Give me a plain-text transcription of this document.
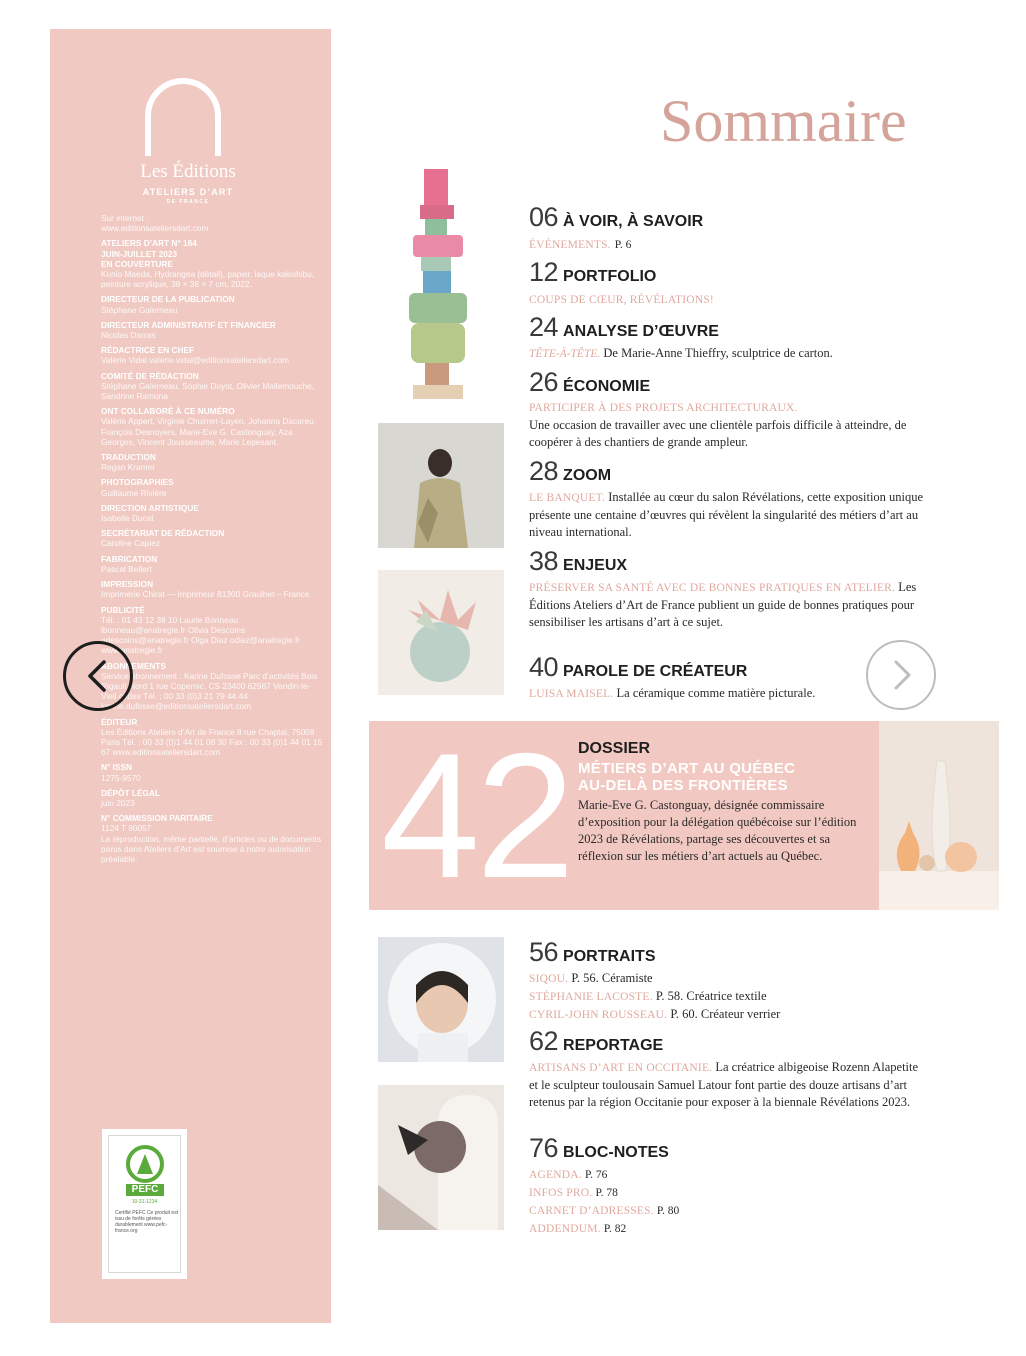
Les Éditions
ATELIERS D’ART
DE FRANCE
Sur internet :
www.editionsateliersdart.com
ATELIERS D’ART N° 164
JUIN-JUILLET 2023
EN COUVERTURE
Kunio Maeda, Hydrangea (détail), papier, laque kakishibu, peinture acrylique, 38 × 38 × 7 cm, 2022.
DIRECTEUR DE LA PUBLICATION
Stéphane Galerneau
DIRECTEUR ADMINISTRATIF ET FINANCIER
Nicolas Darras
RÉDACTRICE EN CHEF
Valérie Vidal valerie.vidal@editionsateliersdart.com
COMITÉ DE RÉDACTION
Stéphane Galerneau, Sophie Duyot, Olivier Mallemouche, Sandrine Ramona
ONT COLLABORÉ À CE NUMÉRO
Valérie Appert, Virginie Chuimer-Layen, Johanna Dacoreu, François Desnoyers, Marie-Eve G. Castonguay, Aza Georges, Vincent Jousseaume, Marie Lepesant.
TRADUCTION
Regan Kramer
PHOTOGRAPHIES
Guillaume Rivière
DIRECTION ARTISTIQUE
Isabelle Ducat
SECRÉTARIAT DE RÉDACTION
Caroline Capiez
FABRICATION
Pascal Bellert
IMPRESSION
Imprimerie Chirat — Imprimeur 81300 Graulhet – France
PUBLICITÉ
Tél. : 01 43 12 38 10 Laurie Bonneau lbonneau@anatregie.fr Olivia Descoins odescoins@anatregie.fr Olga Diaz odiaz@anatregie.fr www.anatregie.fr
ABONNEMENTS
Service abonnement : Karine Dufosse Parc d’activités Bois Rigault Nord 1 rue Copernic, CS 23400 62967 Vendin-le-Vieil cedex Tél. : 00 33 (0)3 21 79 44 44 karine.dufosse@editionsateliersdart.com
ÉDITEUR
Les Éditions Ateliers d’Art de France 8 rue Chaptal, 75009 Paris Tél. : 00 33 (0)1 44 01 08 30 Fax : 00 33 (0)1 44 01 15 67 www.editionsateliersdart.com
N° ISSN
1275-9570
DÉPÔT LÉGAL
juin 2023
N° COMMISSION PARITAIRE
1124 T 90057
La reproduction, même partielle, d’articles ou de documents parus dans Ateliers d’Art est soumise à notre autorisation préalable.
PEFC
10-31-1234
Certifié PEFC Ce produit est issu de forêts gérées durablement www.pefc-france.org
Sommaire
06 À VOIR, À SAVOIR
ÉVÉNEMENTS. P. 6
12 PORTFOLIO
COUPS DE CŒUR, RÉVÉLATIONS!
24 ANALYSE D’ŒUVRE
TÊTE-À-TÊTE. De Marie-Anne Thieffry, sculptrice de carton.
26 ÉCONOMIE
PARTICIPER À DES PROJETS ARCHITECTURAUX.
Une occasion de travailler avec une clientèle parfois difficile à atteindre, de coopérer à des chantiers de grande ampleur.
28 ZOOM
LE BANQUET. Installée au cœur du salon Révélations, cette exposition unique présente une centaine d’œuvres qui révèlent la singularité des métiers d’art au niveau international.
38 ENJEUX
PRÉSERVER SA SANTÉ AVEC DE BONNES PRATIQUES EN ATELIER. Les Éditions Ateliers d’Art de France publient un guide de bonnes pratiques pour sensibiliser les artisans d’art à ce sujet.
40 PAROLE DE CRÉATEUR
LUISA MAISEL. La céramique comme matière picturale.
42 DOSSIER
MÉTIERS D’ART AU QUÉBEC
AU-DELÀ DES FRONTIÈRES
Marie-Eve G. Castonguay, désignée commissaire d’exposition pour la délégation québécoise sur l’édition 2023 de Révélations, partage ses découvertes et sa réflexion sur les métiers d’art actuels au Québec.
56 PORTRAITS
SIQOU. P. 56. Céramiste
STÉPHANIE LACOSTE. P. 58. Créatrice textile
CYRIL-JOHN ROUSSEAU. P. 60. Créateur verrier
62 REPORTAGE
ARTISANS D’ART EN OCCITANIE. La créatrice albigeoise Rozenn Alapetite et le sculpteur toulousain Samuel Latour font partie des douze artisans d’art retenus par la région Occitanie pour exposer à la biennale Révélations 2023.
76 BLOC-NOTES
AGENDA. P. 76
INFOS PRO. P. 78
CARNET D’ADRESSES. P. 80
ADDENDUM. P. 82
